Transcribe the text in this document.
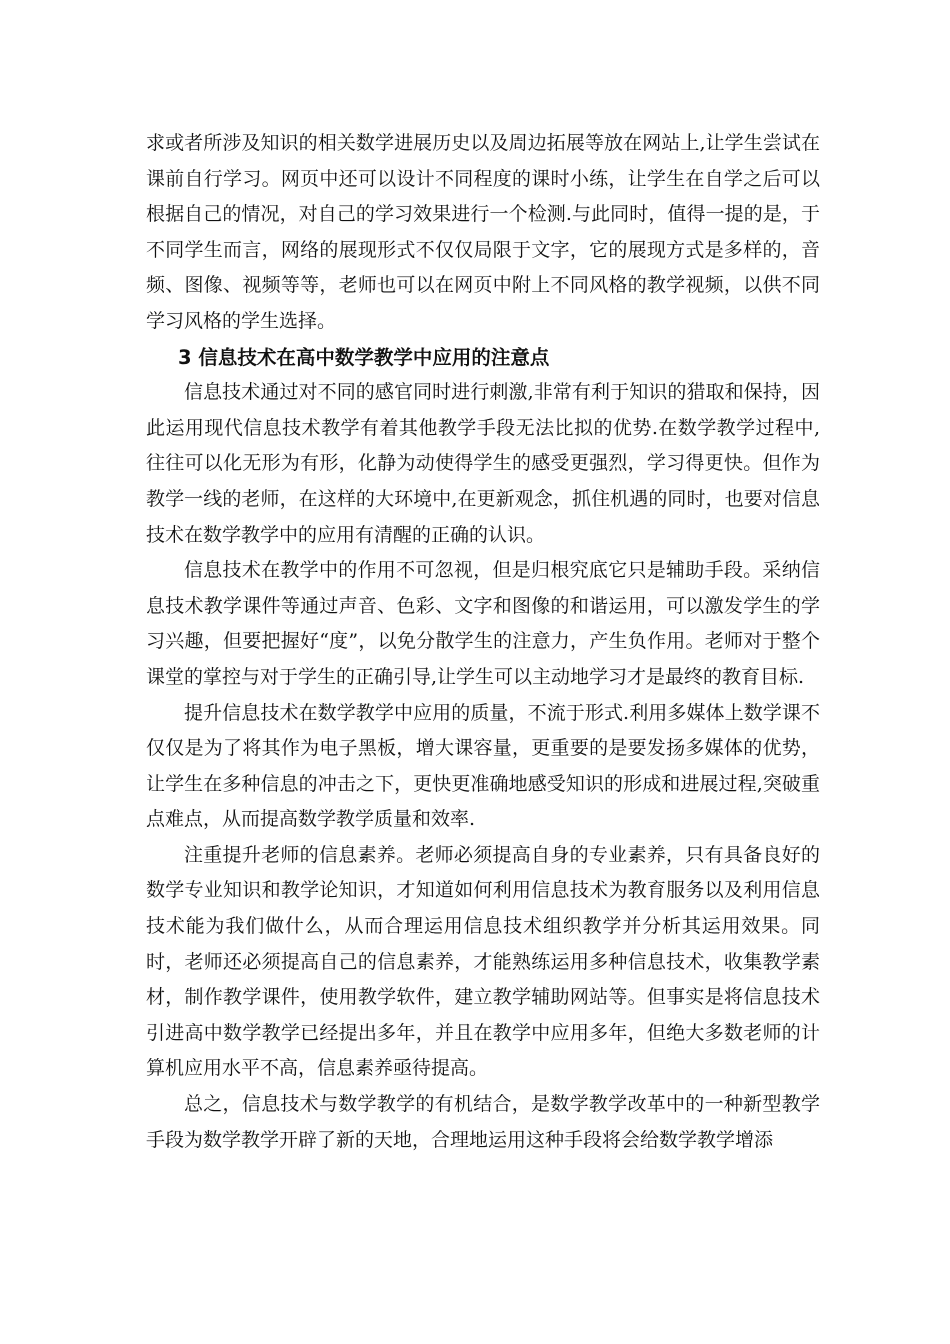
求或者所涉及知识的相关数学进展历史以及周边拓展等放在网站上,让学生尝试在课前自行学习。网页中还可以设计不同程度的课时小练，让学生在自学之后可以根据自己的情况，对自己的学习效果进行一个检测.与此同时，值得一提的是，于不同学生而言，网络的展现形式不仅仅局限于文字，它的展现方式是多样的，音频、图像、视频等等，老师也可以在网页中附上不同风格的教学视频，以供不同学习风格的学生选择。

3 信息技术在高中数学教学中应用的注意点

信息技术通过对不同的感官同时进行刺激,非常有利于知识的猎取和保持，因此运用现代信息技术教学有着其他教学手段无法比拟的优势.在数学教学过程中,往往可以化无形为有形，化静为动使得学生的感受更强烈，学习得更快。但作为教学一线的老师，在这样的大环境中,在更新观念，抓住机遇的同时，也要对信息技术在数学教学中的应用有清醒的正确的认识。

信息技术在教学中的作用不可忽视，但是归根究底它只是辅助手段。采纳信息技术教学课件等通过声音、色彩、文字和图像的和谐运用，可以激发学生的学习兴趣，但要把握好“度”，以免分散学生的注意力，产生负作用。老师对于整个课堂的掌控与对于学生的正确引导,让学生可以主动地学习才是最终的教育目标.

提升信息技术在数学教学中应用的质量，不流于形式.利用多媒体上数学课不仅仅是为了将其作为电子黑板，增大课容量，更重要的是要发扬多媒体的优势，让学生在多种信息的冲击之下，更快更准确地感受知识的形成和进展过程,突破重点难点，从而提高数学教学质量和效率.

注重提升老师的信息素养。老师必须提高自身的专业素养，只有具备良好的数学专业知识和教学论知识，才知道如何利用信息技术为教育服务以及利用信息技术能为我们做什么，从而合理运用信息技术组织教学并分析其运用效果。同时，老师还必须提高自己的信息素养，才能熟练运用多种信息技术，收集教学素材，制作教学课件，使用教学软件，建立教学辅助网站等。但事实是将信息技术引进高中数学教学已经提出多年，并且在教学中应用多年，但绝大多数老师的计算机应用水平不高，信息素养亟待提高。

总之，信息技术与数学教学的有机结合，是数学教学改革中的一种新型教学手段为数学教学开辟了新的天地，合理地运用这种手段将会给数学教学增添
